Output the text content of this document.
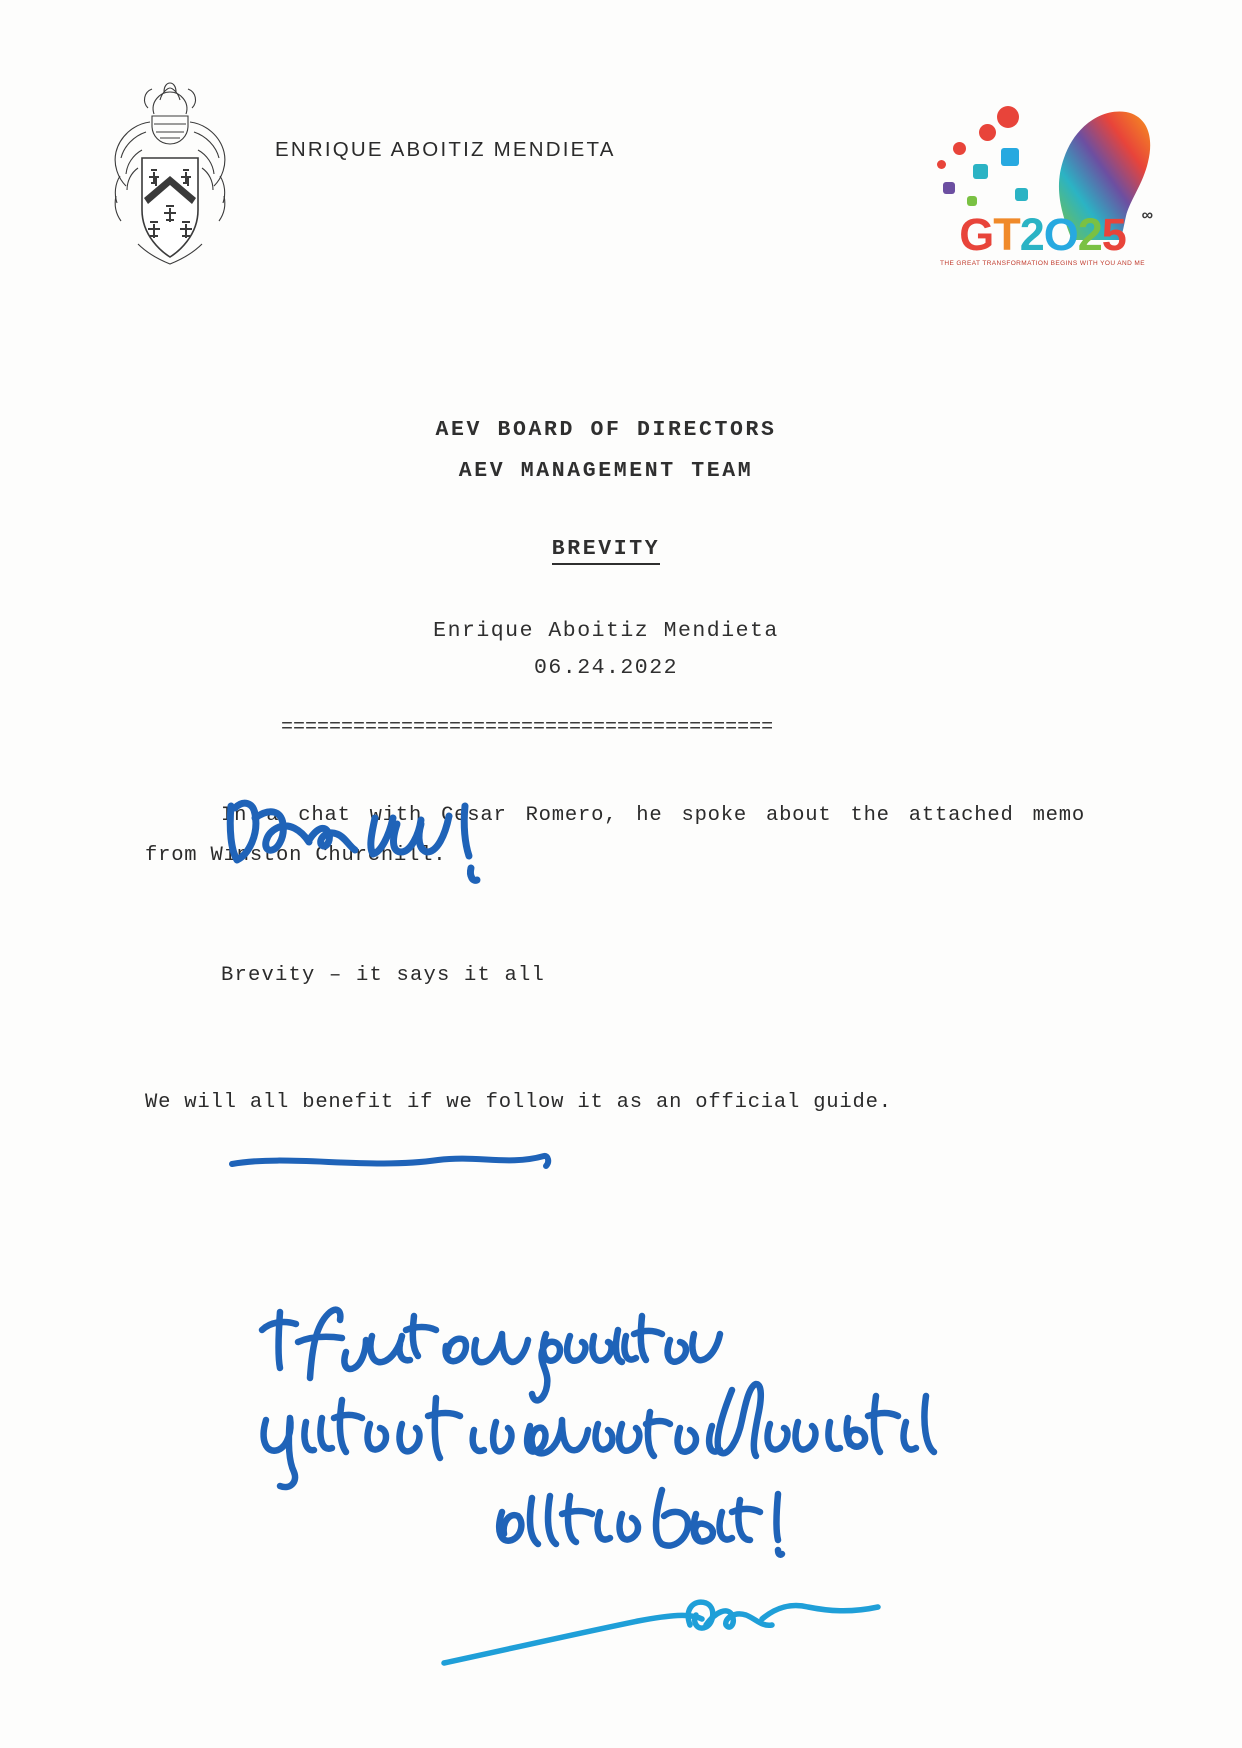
ENRIQUE ABOITIZ MENDIETA
GT2O25 ∞
THE GREAT TRANSFORMATION BEGINS WITH YOU AND ME
AEV BOARD OF DIRECTORS
AEV MANAGEMENT TEAM
BREVITY
Enrique Aboitiz Mendieta
06.24.2022
=========================================
In a chat with Cesar Romero, he spoke about the attached memo from Winston Churchill.
Brevity – it says it all
We will all benefit if we follow it as an official guide.
